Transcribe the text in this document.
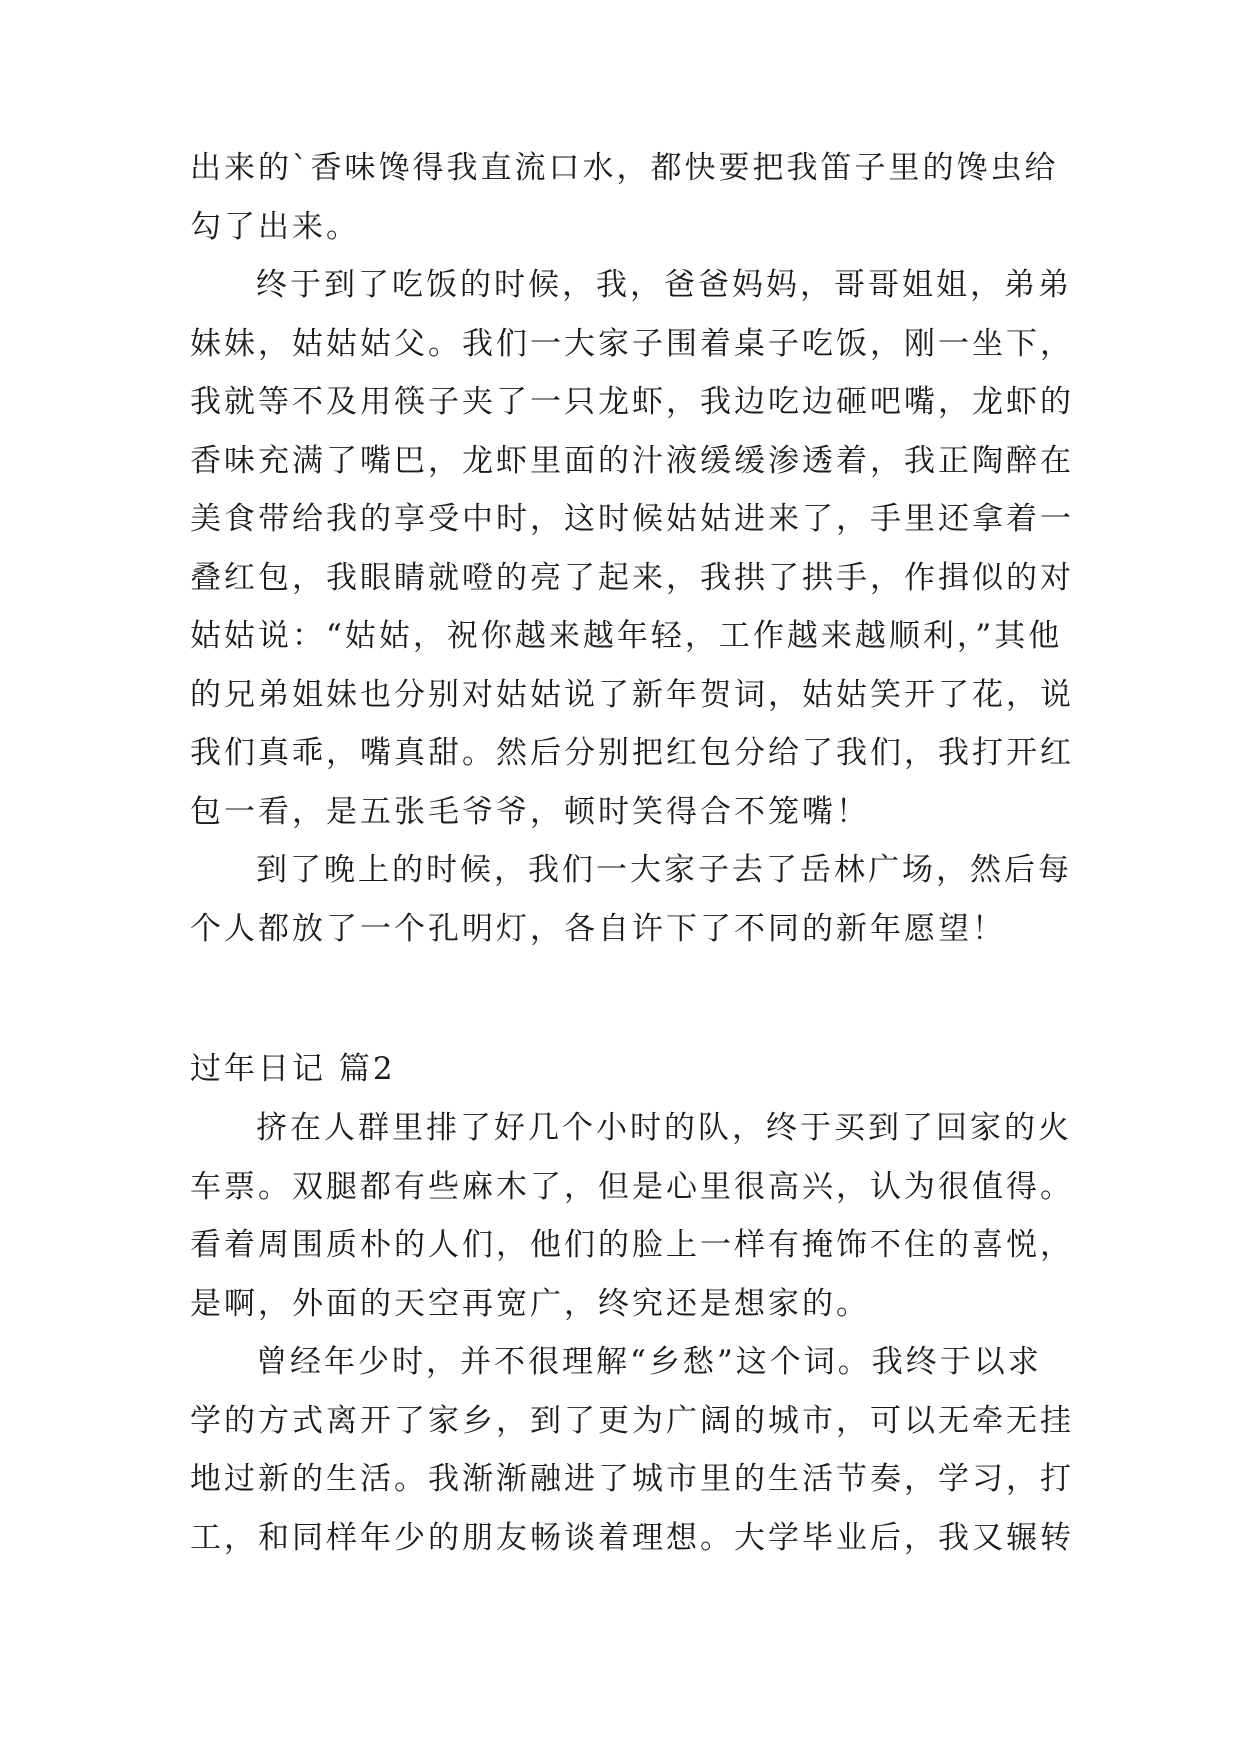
出来的`香味馋得我直流口水，都快要把我笛子里的馋虫给
勾了出来。
终于到了吃饭的时候，我，爸爸妈妈，哥哥姐姐，弟弟
妹妹，姑姑姑父。我们一大家子围着桌子吃饭，刚一坐下，
我就等不及用筷子夹了一只龙虾，我边吃边砸吧嘴，龙虾的
香味充满了嘴巴，龙虾里面的汁液缓缓渗透着，我正陶醉在
美食带给我的享受中时，这时候姑姑进来了，手里还拿着一
叠红包，我眼睛就噔的亮了起来，我拱了拱手，作揖似的对
姑姑说：“姑姑，祝你越来越年轻，工作越来越顺利，”其他
的兄弟姐妹也分别对姑姑说了新年贺词，姑姑笑开了花，说
我们真乖，嘴真甜。然后分别把红包分给了我们，我打开红
包一看，是五张毛爷爷，顿时笑得合不笼嘴！
到了晚上的时候，我们一大家子去了岳林广场，然后每
个人都放了一个孔明灯，各自许下了不同的新年愿望！
过年日记 篇2
挤在人群里排了好几个小时的队，终于买到了回家的火
车票。双腿都有些麻木了，但是心里很高兴，认为很值得。
看着周围质朴的人们，他们的脸上一样有掩饰不住的喜悦，
是啊，外面的天空再宽广，终究还是想家的。
曾经年少时，并不很理解“乡愁”这个词。我终于以求
学的方式离开了家乡，到了更为广阔的城市，可以无牵无挂
地过新的生活。我渐渐融进了城市里的生活节奏，学习，打
工，和同样年少的朋友畅谈着理想。大学毕业后，我又辗转
